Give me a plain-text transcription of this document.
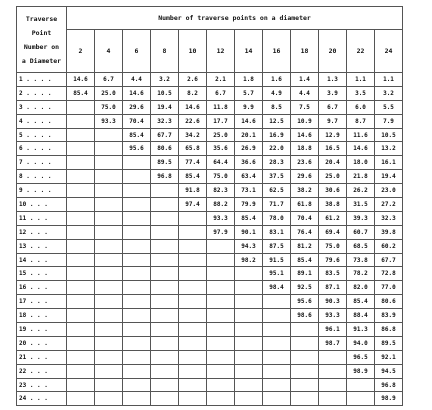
Traverse
Point
Number on
a Diameter	Number of traverse points on a diameter											
	2	4	6	8	10	12	14	16	18	20	22	24
1 . . . .	14.6	6.7	4.4	3.2	2.6	2.1	1.8	1.6	1.4	1.3	1.1	1.1
2 . . . .	85.4	25.0	14.6	10.5	8.2	6.7	5.7	4.9	4.4	3.9	3.5	3.2
3 . . . .		75.0	29.6	19.4	14.6	11.8	9.9	8.5	7.5	6.7	6.0	5.5
4 . . . .		93.3	70.4	32.3	22.6	17.7	14.6	12.5	10.9	9.7	8.7	7.9
5 . . . .			85.4	67.7	34.2	25.0	20.1	16.9	14.6	12.9	11.6	10.5
6 . . . .			95.6	80.6	65.8	35.6	26.9	22.0	18.8	16.5	14.6	13.2
7 . . . .				89.5	77.4	64.4	36.6	28.3	23.6	20.4	18.0	16.1
8 . . . .				96.8	85.4	75.0	63.4	37.5	29.6	25.0	21.8	19.4
9 . . . .					91.8	82.3	73.1	62.5	38.2	30.6	26.2	23.0
10 . . .					97.4	88.2	79.9	71.7	61.8	38.8	31.5	27.2
11 . . .						93.3	85.4	78.0	70.4	61.2	39.3	32.3
12 . . .						97.9	90.1	83.1	76.4	69.4	60.7	39.8
13 . . .							94.3	87.5	81.2	75.0	68.5	60.2
14 . . .							98.2	91.5	85.4	79.6	73.8	67.7
15 . . .								95.1	89.1	83.5	78.2	72.8
16 . . .								98.4	92.5	87.1	82.0	77.0
17 . . .									95.6	90.3	85.4	80.6
18 . . .									98.6	93.3	88.4	83.9
19 . . .										96.1	91.3	86.8
20 . . .										98.7	94.0	89.5
21 . . .											96.5	92.1
22 . . .											98.9	94.5
23 . . .												96.8
24 . . .												98.9
